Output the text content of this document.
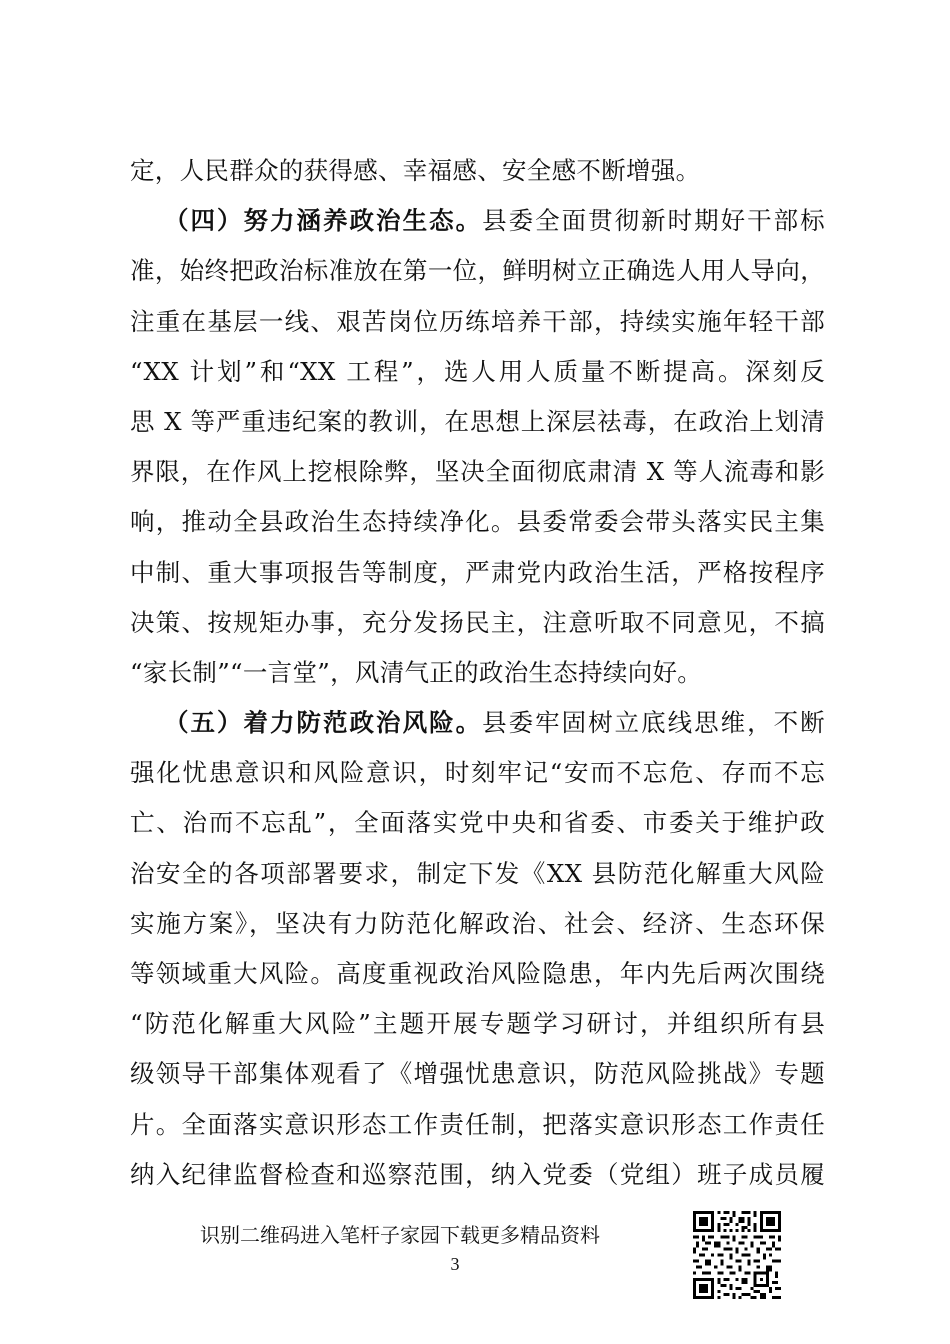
定，人民群众的获得感、幸福感、安全感不断增强。
（四）努力涵养政治生态。县委全面贯彻新时期好干部标
准，始终把政治标准放在第一位，鲜明树立正确选人用人导向，
注重在基层一线、艰苦岗位历练培养干部，持续实施年轻干部
“XX 计划”和“XX 工程”，选人用人质量不断提高。深刻反
思 X 等严重违纪案的教训，在思想上深层祛毒，在政治上划清
界限，在作风上挖根除弊，坚决全面彻底肃清 X 等人流毒和影
响，推动全县政治生态持续净化。县委常委会带头落实民主集
中制、重大事项报告等制度，严肃党内政治生活，严格按程序
决策、按规矩办事，充分发扬民主，注意听取不同意见，不搞
“家长制”“一言堂”，风清气正的政治生态持续向好。
（五）着力防范政治风险。县委牢固树立底线思维，不断
强化忧患意识和风险意识，时刻牢记“安而不忘危、存而不忘
亡、治而不忘乱”，全面落实党中央和省委、市委关于维护政
治安全的各项部署要求，制定下发《XX 县防范化解重大风险
实施方案》，坚决有力防范化解政治、社会、经济、生态环保
等领域重大风险。高度重视政治风险隐患，年内先后两次围绕
“防范化解重大风险”主题开展专题学习研讨，并组织所有县
级领导干部集体观看了《增强忧患意识，防范风险挑战》专题
片。全面落实意识形态工作责任制，把落实意识形态工作责任
纳入纪律监督检查和巡察范围，纳入党委（党组）班子成员履
识别二维码进入笔杆子家园下载更多精品资料
3
